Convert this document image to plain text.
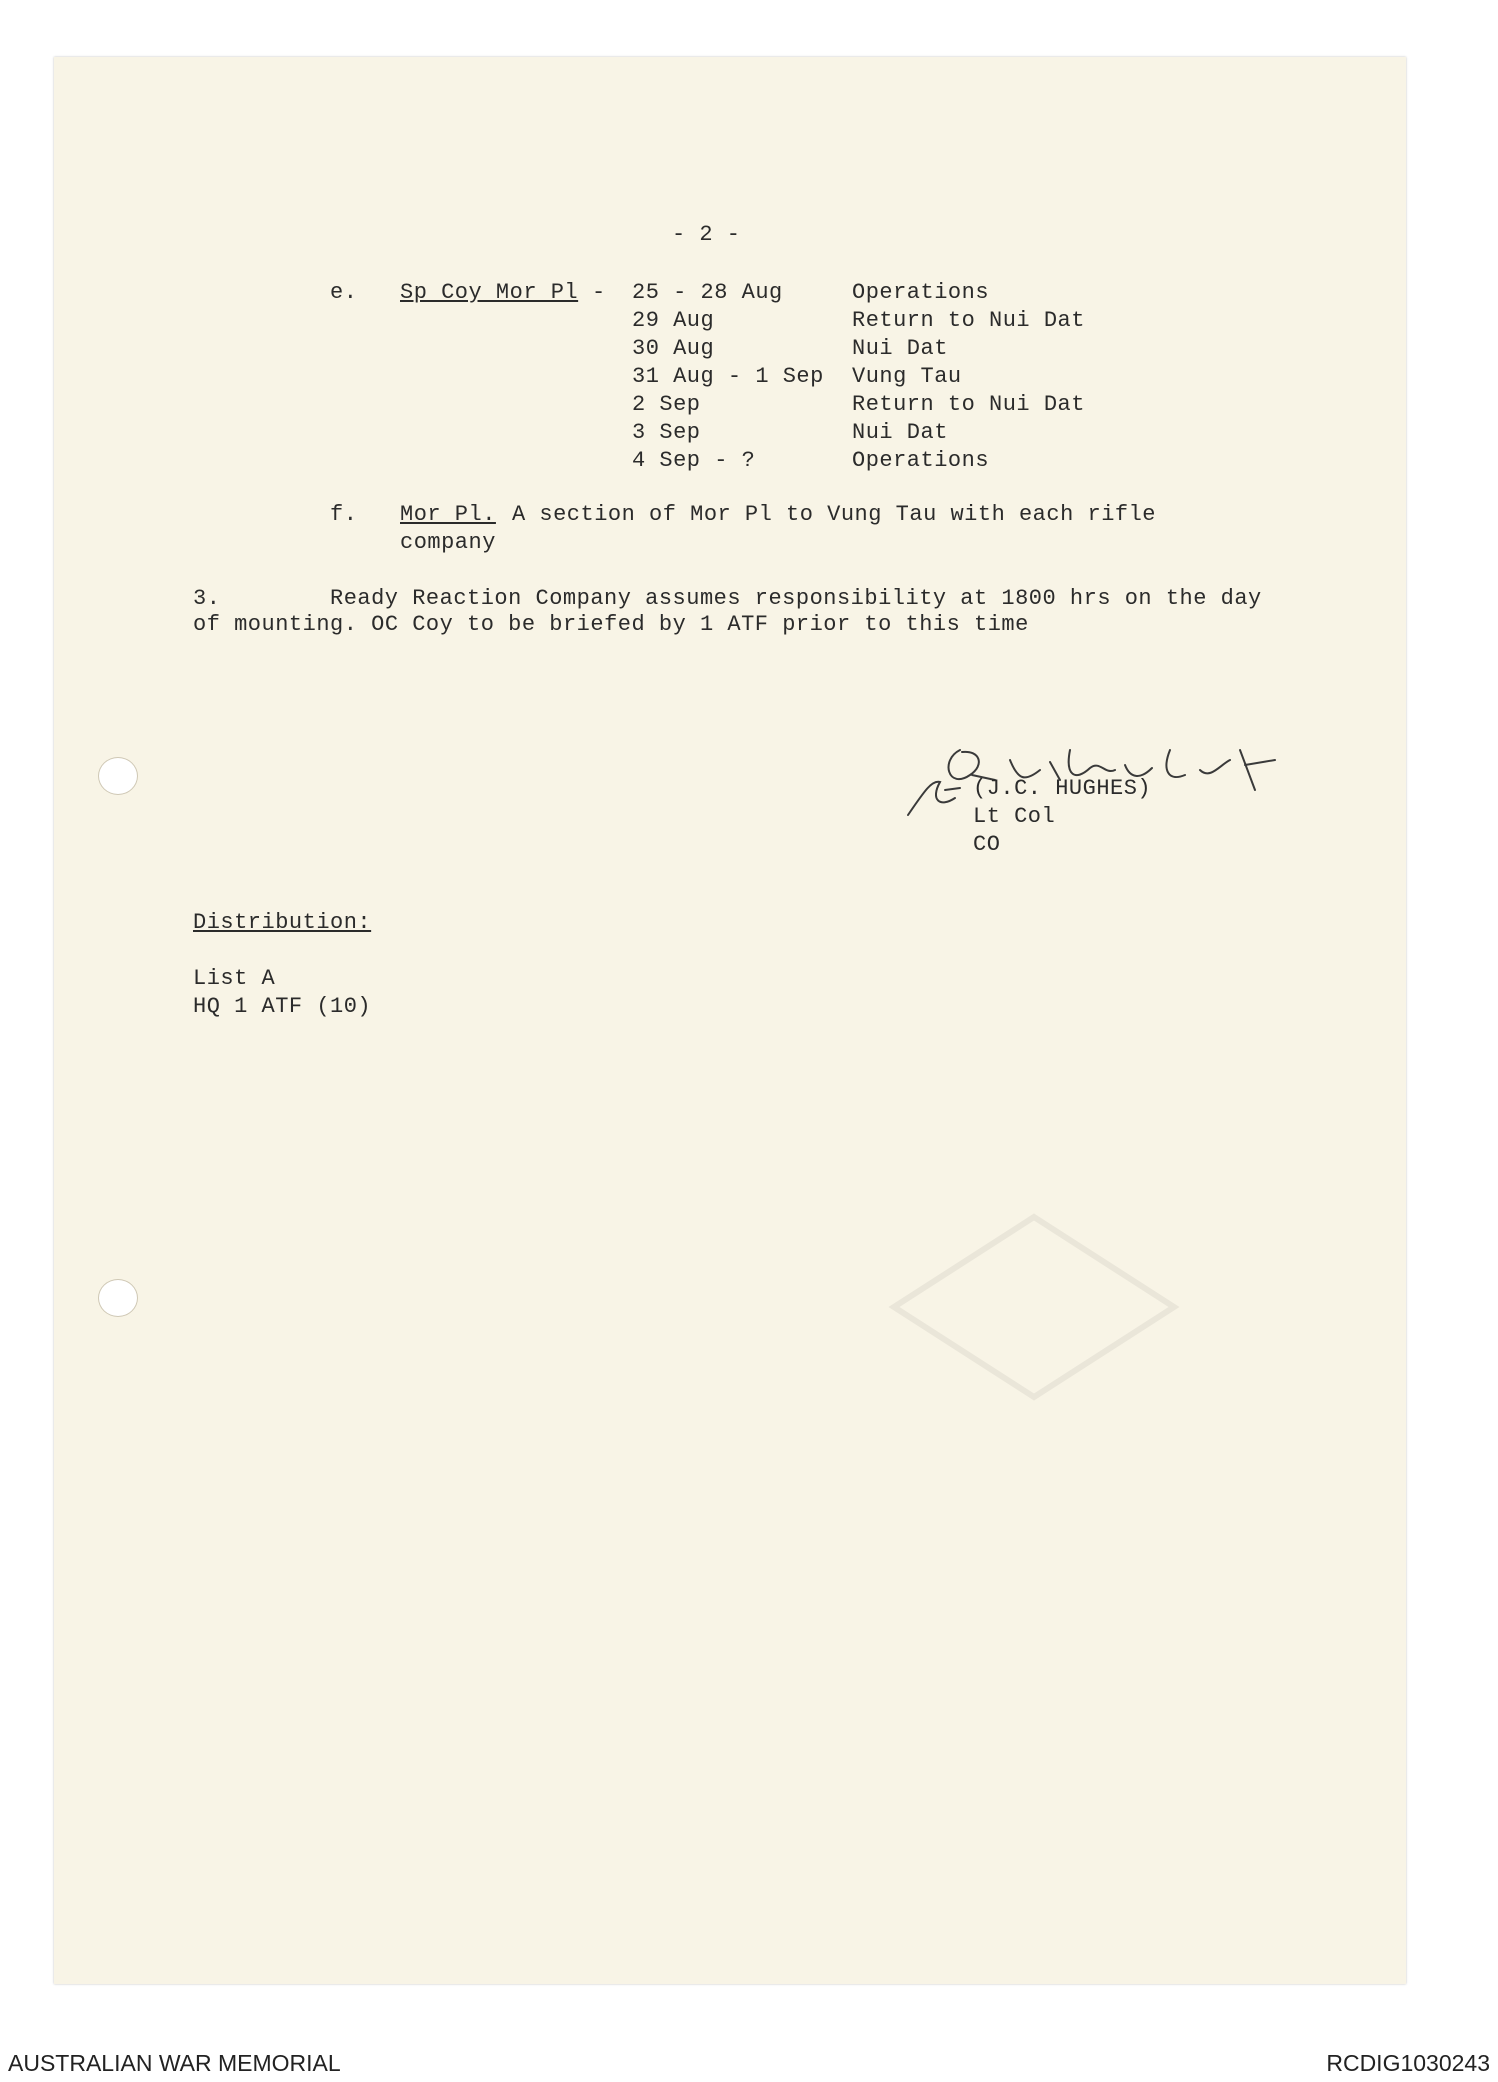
- 2 -
e. Sp Coy Mor Pl - 25 - 28 Aug	Operations
29 Aug	Return to Nui Dat
30 Aug	Nui Dat
31 Aug - 1 Sep Vung Tau
2 Sep	Return to Nui Dat
3 Sep	Nui Dat
4 Sep - ?	Operations
f. Mor Pl. A section of Mor Pl to Vung Tau with each rifle
company
3.	Ready Reaction Company assumes responsibility at 1800 hrs on the day
of mounting. OC Coy to be briefed by 1 ATF prior to this time
(J.C. HUGHES)
Lt Col
CO
Distribution:
List A
HQ 1 ATF (10)
AUSTRALIAN WAR MEMORIAL	RCDIG1030243
